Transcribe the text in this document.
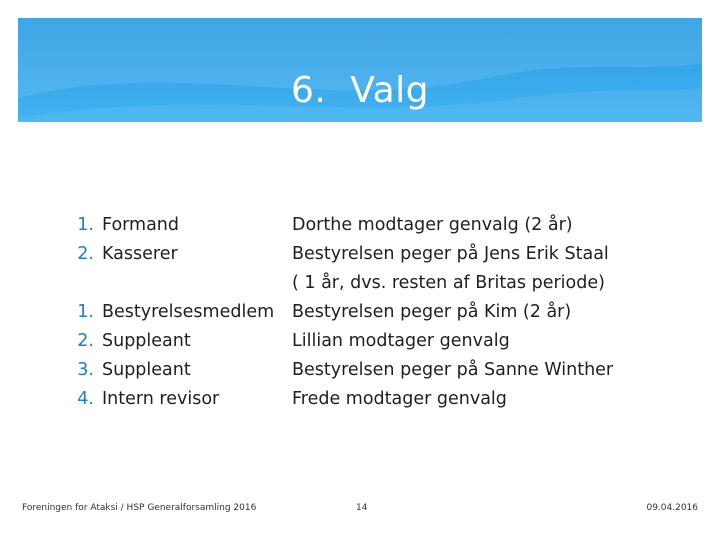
6.  Valg
1. Formand
2. Kasserer
1. Bestyrelsesmedlem
2. Suppleant
3. Suppleant
4. Intern revisor
Dorthe modtager genvalg (2 år)
Bestyrelsen peger på Jens Erik Staal
( 1 år, dvs. resten af Britas periode)
Bestyrelsen peger på Kim (2 år)
Lillian modtager genvalg
Bestyrelsen peger på Sanne Winther
Frede modtager genvalg
Foreningen for Ataksi / HSP Generalforsamling 2016	14	09.04.2016
